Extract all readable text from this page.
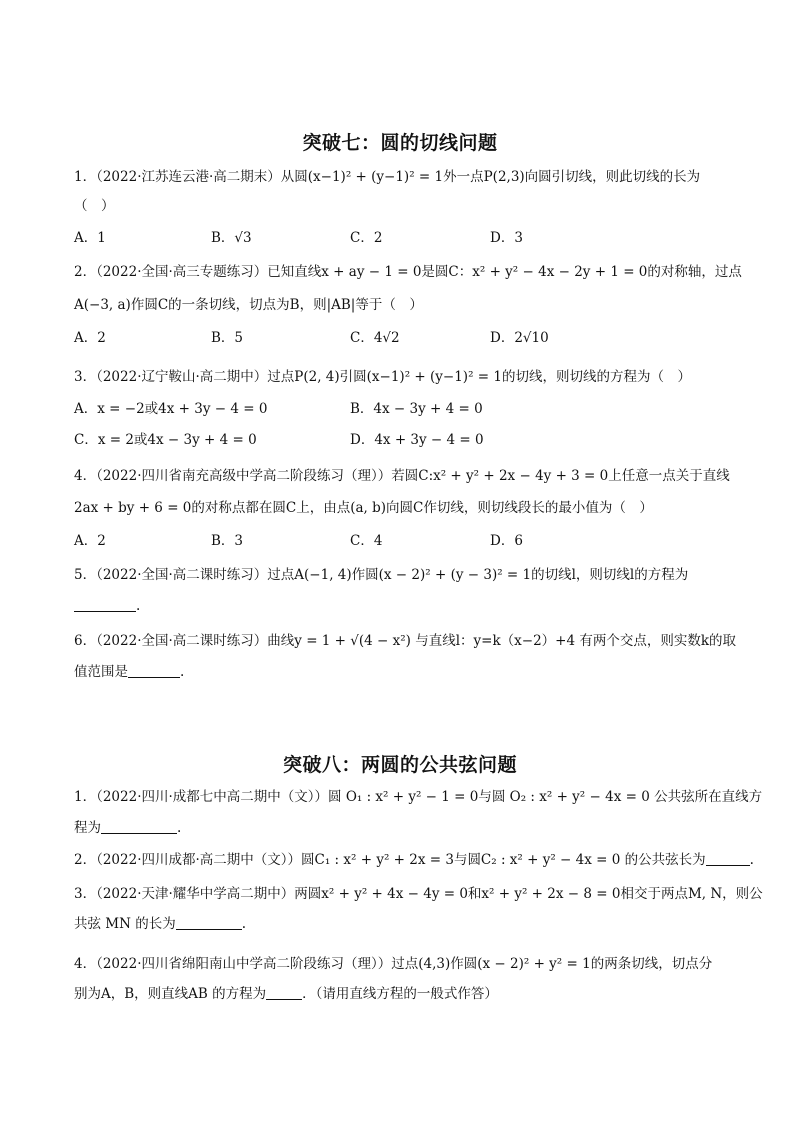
突破七：圆的切线问题
1．（2022·江苏连云港·高二期末）从圆(x−1)² + (y−1)² = 1外一点P(2,3)向圆引切线，则此切线的长为
（　）
A．1	B．√3	C．2	D．3
2．（2022·全国·高三专题练习）已知直线x + ay − 1 = 0是圆C：x² + y² − 4x − 2y + 1 = 0的对称轴，过点
A(−3, a)作圆C的一条切线，切点为B，则|AB|等于（　）
A．2	B．5	C．4√2	D．2√10
3．（2022·辽宁鞍山·高二期中）过点P(2, 4)引圆(x−1)² + (y−1)² = 1的切线，则切线的方程为（　）
A．x = −2或4x + 3y − 4 = 0	B．4x − 3y + 4 = 0
C．x = 2或4x − 3y + 4 = 0	D．4x + 3y − 4 = 0
4．（2022·四川省南充高级中学高二阶段练习（理））若圆C:x² + y² + 2x − 4y + 3 = 0上任意一点关于直线
2ax + by + 6 = 0的对称点都在圆C上，由点(a, b)向圆C作切线，则切线段长的最小值为（　）
A．2	B．3	C．4	D．6
5．（2022·全国·高二课时练习）过点A(−1, 4)作圆(x − 2)² + (y − 3)² = 1的切线l，则切线l的方程为
.
6．（2022·全国·高二课时练习）曲线y = 1 + √(4 − x²) 与直线l：y=k（x−2）+4 有两个交点，则实数k的取
值范围是	.
突破八：两圆的公共弦问题
1．（2022·四川·成都七中高二期中（文））圆 O₁ : x² + y² − 1 = 0与圆 O₂ : x² + y² − 4x = 0 公共弦所在直线方
程为	.
2．（2022·四川成都·高二期中（文））圆C₁ : x² + y² + 2x = 3与圆C₂ : x² + y² − 4x = 0 的公共弦长为	.
3．（2022·天津·耀华中学高二期中）两圆x² + y² + 4x − 4y = 0和x² + y² + 2x − 8 = 0相交于两点M, N，则公
共弦 MN 的长为	.
4．（2022·四川省绵阳南山中学高二阶段练习（理））过点(4,3)作圆(x − 2)² + y² = 1的两条切线，切点分
别为A，B，则直线AB 的方程为	．（请用直线方程的一般式作答）
